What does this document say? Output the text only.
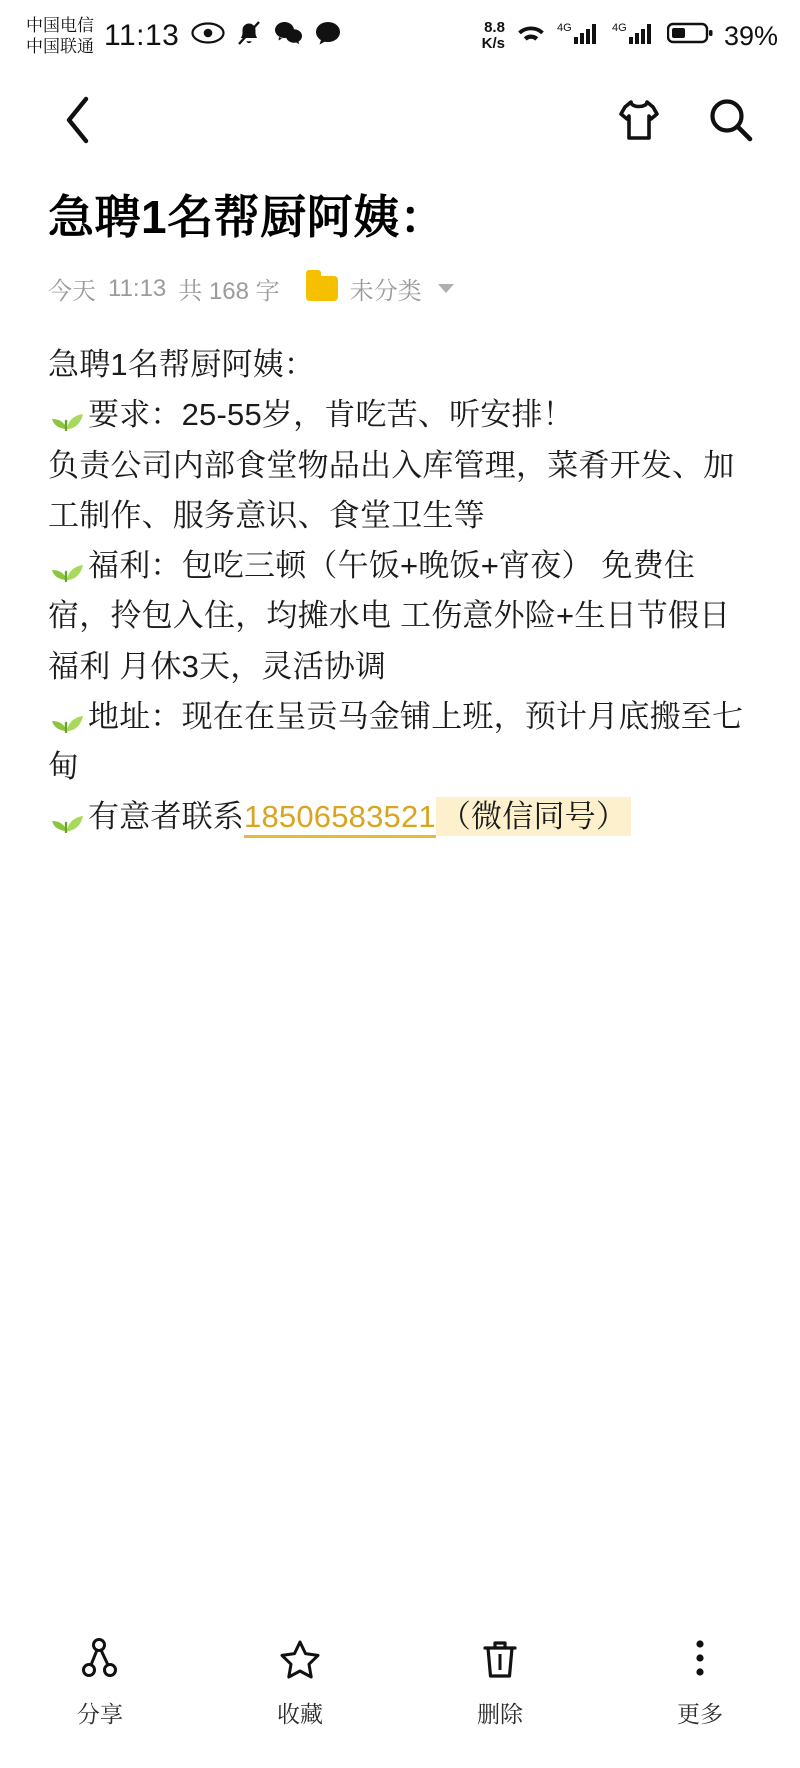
中国电信
中国联通 11:13	8.8
K/s
4G	4G	39%
急聘1名帮厨阿姨：
今天 11:13 共 168 字	未分类
急聘1名帮厨阿姨：
要求：25-55岁，肯吃苦、听安排！
负责公司内部食堂物品出入库管理，菜肴开发、加工制作、服务意识、食堂卫生等
福利：包吃三顿（午饭+晚饭+宵夜） 免费住宿，拎包入住，均摊水电 工伤意外险+生日节假日福利 月休3天，灵活协调
地址：现在在呈贡马金铺上班，预计月底搬至七甸
有意者联系18506583521 （微信同号）
分享	收藏	删除	更多
